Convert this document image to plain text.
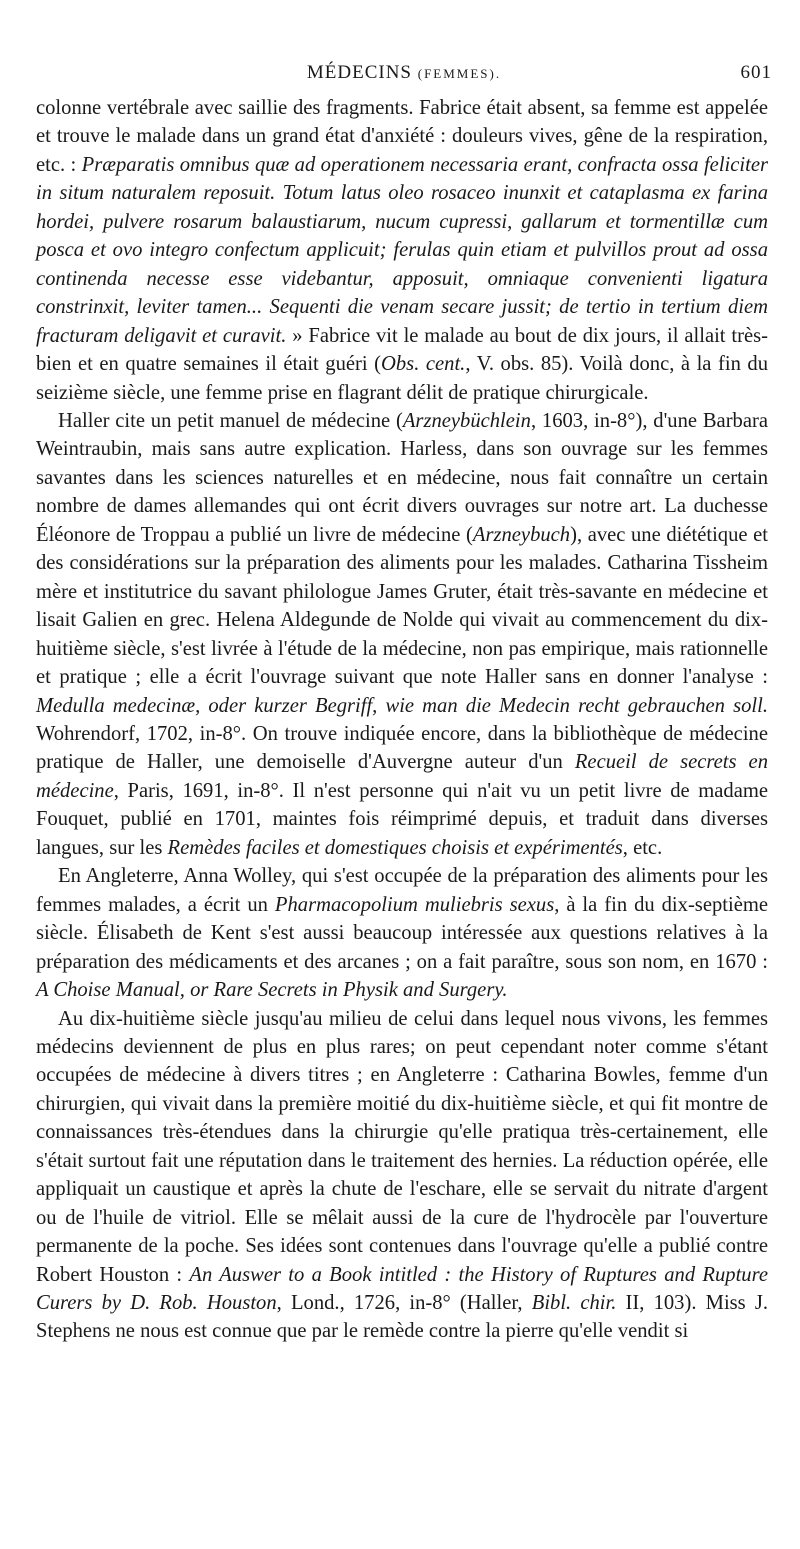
MÉDECINS (FEMMES).	601

colonne vertébrale avec saillie des fragments. Fabrice était absent, sa femme est appelée et trouve le malade dans un grand état d'anxiété : douleurs vives, gêne de la respiration, etc. : Præparatis omnibus quæ ad operationem necessaria erant, confracta ossa feliciter in situm naturalem reposuit. Totum latus oleo rosaceo inunxit et cataplasma ex farina hordei, pulvere rosarum balaustiarum, nucum cupressi, gallarum et tormentillæ cum posca et ovo integro confectum applicuit; ferulas quin etiam et pulvillos prout ad ossa continenda necesse esse videbantur, apposuit, omniaque convenienti ligatura constrinxit, leviter tamen... Sequenti die venam secare jussit; de tertio in tertium diem fracturam deligavit et curavit. » Fabrice vit le malade au bout de dix jours, il allait très-bien et en quatre semaines il était guéri (Obs. cent., V. obs. 85). Voilà donc, à la fin du seizième siècle, une femme prise en flagrant délit de pratique chirurgicale.

Haller cite un petit manuel de médecine (Arzneybüchlein, 1603, in-8°), d'une Barbara Weintraubin, mais sans autre explication. Harless, dans son ouvrage sur les femmes savantes dans les sciences naturelles et en médecine, nous fait connaître un certain nombre de dames allemandes qui ont écrit divers ouvrages sur notre art. La duchesse Éléonore de Troppau a publié un livre de médecine (Arzneybuch), avec une diététique et des considérations sur la préparation des aliments pour les malades. Catharina Tissheim mère et institutrice du savant philologue James Gruter, était très-savante en médecine et lisait Galien en grec. Helena Aldegunde de Nolde qui vivait au commencement du dix-huitième siècle, s'est livrée à l'étude de la médecine, non pas empirique, mais rationnelle et pratique ; elle a écrit l'ouvrage suivant que note Haller sans en donner l'analyse : Medulla medecinæ, oder kurzer Begriff, wie man die Medecin recht gebrauchen soll. Wohrendorf, 1702, in-8°. On trouve indiquée encore, dans la bibliothèque de médecine pratique de Haller, une demoiselle d'Auvergne auteur d'un Recueil de secrets en médecine, Paris, 1691, in-8°. Il n'est personne qui n'ait vu un petit livre de madame Fouquet, publié en 1701, maintes fois réimprimé depuis, et traduit dans diverses langues, sur les Remèdes faciles et domestiques choisis et expérimentés, etc.

En Angleterre, Anna Wolley, qui s'est occupée de la préparation des aliments pour les femmes malades, a écrit un Pharmacopolium muliebris sexus, à la fin du dix-septième siècle. Élisabeth de Kent s'est aussi beaucoup intéressée aux questions relatives à la préparation des médicaments et des arcanes ; on a fait paraître, sous son nom, en 1670 : A Choise Manual, or Rare Secrets in Physik and Surgery.

Au dix-huitième siècle jusqu'au milieu de celui dans lequel nous vivons, les femmes médecins deviennent de plus en plus rares; on peut cependant noter comme s'étant occupées de médecine à divers titres ; en Angleterre : Catharina Bowles, femme d'un chirurgien, qui vivait dans la première moitié du dix-huitième siècle, et qui fit montre de connaissances très-étendues dans la chirurgie qu'elle pratiqua très-certainement, elle s'était surtout fait une réputation dans le traitement des hernies. La réduction opérée, elle appliquait un caustique et après la chute de l'eschare, elle se servait du nitrate d'argent ou de l'huile de vitriol. Elle se mêlait aussi de la cure de l'hydrocèle par l'ouverture permanente de la poche. Ses idées sont contenues dans l'ouvrage qu'elle a publié contre Robert Houston : An Auswer to a Book intitled : the History of Ruptures and Rupture Curers by D. Rob. Houston, Lond., 1726, in-8° (Haller, Bibl. chir. II, 103). Miss J. Stephens ne nous est connue que par le remède contre la pierre qu'elle vendit si
